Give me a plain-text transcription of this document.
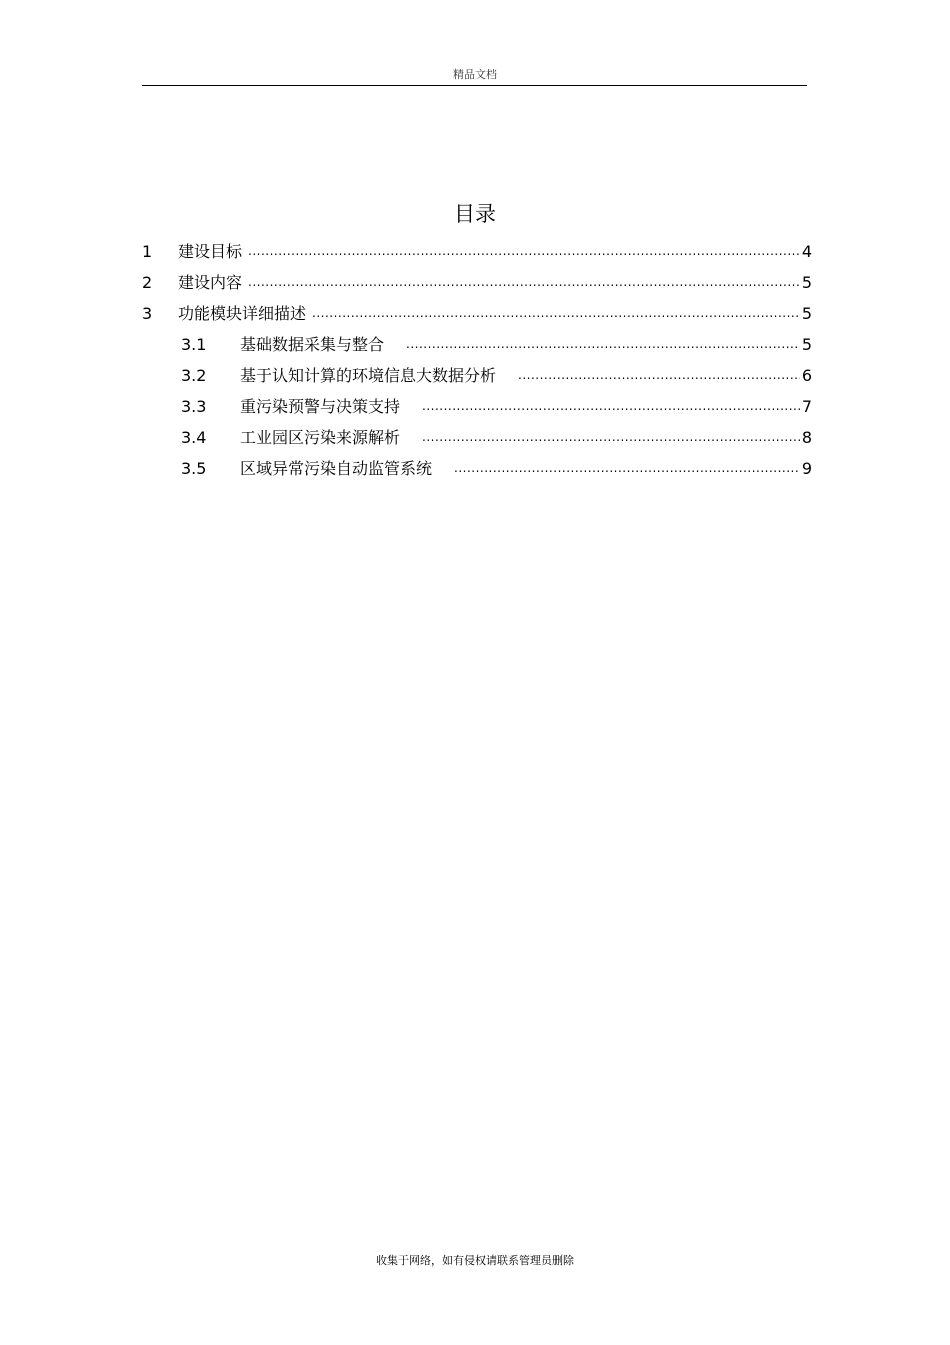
精品文档
目录
1	建设目标 .....	4
2	建设内容 .....	5
3	功能模块详细描述 .....	5
3.1	基础数据采集与整合 .....	5
3.2	基于认知计算的环境信息大数据分析 .....	6
3.3	重污染预警与决策支持 .....	7
3.4	工业园区污染来源解析 .....	8
3.5	区域异常污染自动监管系统 .....	9
收集于网络，如有侵权请联系管理员删除
